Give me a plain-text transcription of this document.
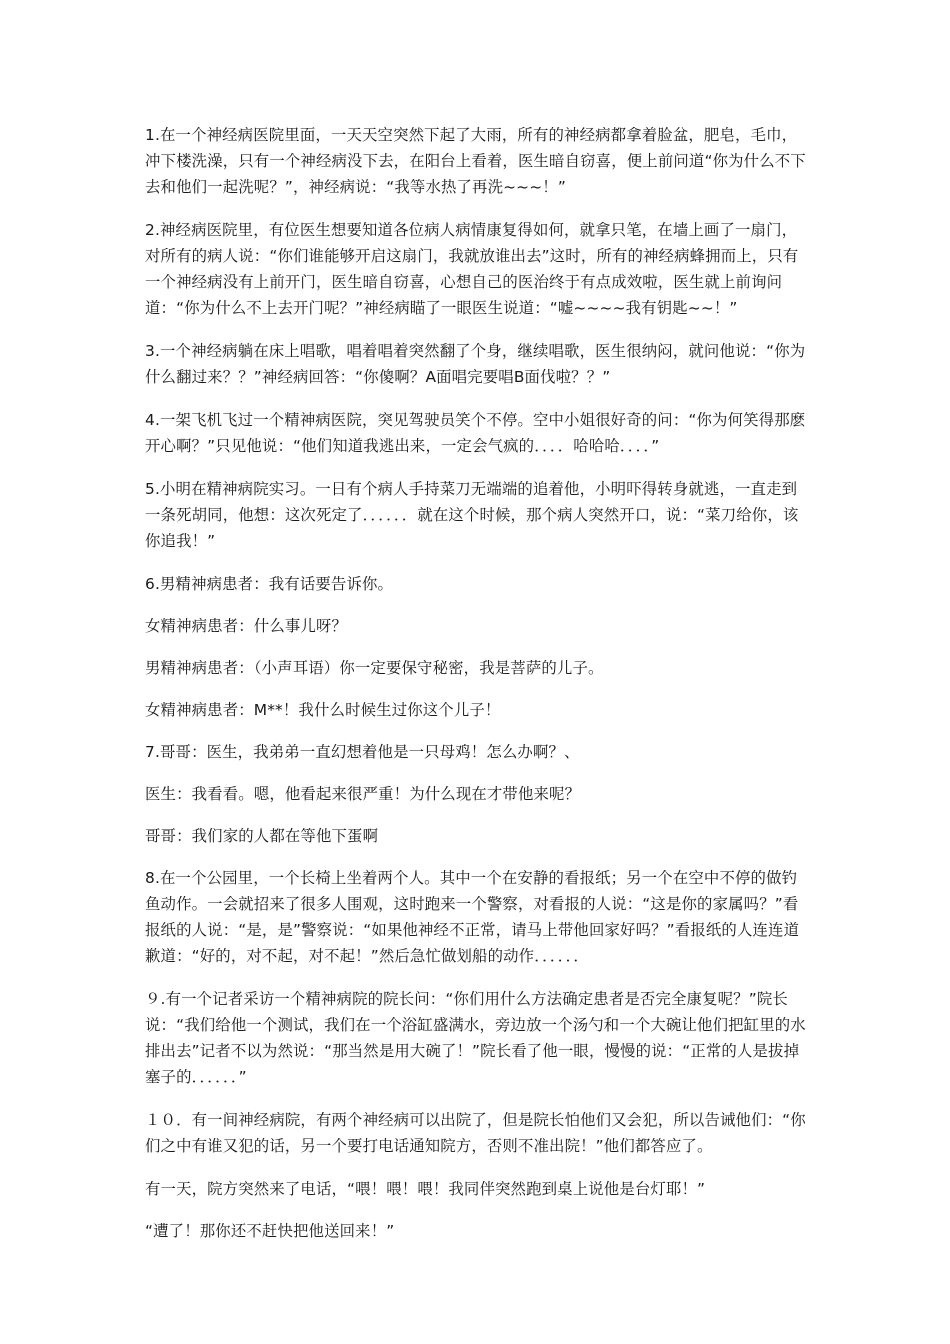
1.在一个神经病医院里面，一天天空突然下起了大雨，所有的神经病都拿着脸盆，肥皂，毛巾，冲下楼洗澡，只有一个神经病没下去，在阳台上看着，医生暗自窃喜，便上前问道“你为什么不下去和他们一起洗呢？”，神经病说：“我等水热了再洗~~~！”

2.神经病医院里，有位医生想要知道各位病人病情康复得如何，就拿只笔，在墙上画了一扇门，对所有的病人说：“你们谁能够开启这扇门，我就放谁出去”这时，所有的神经病蜂拥而上，只有一个神经病没有上前开门，医生暗自窃喜，心想自己的医治终于有点成效啦，医生就上前询问道：“你为什么不上去开门呢？”神经病瞄了一眼医生说道：“嘘~~~~我有钥匙~~！”

3.一个神经病躺在床上唱歌，唱着唱着突然翻了个身，继续唱歌，医生很纳闷，就问他说：“你为什么翻过来？？”神经病回答：“你傻啊？A面唱完要唱B面伐啦？？”

4.一架飞机飞过一个精神病医院，突见驾驶员笑个不停。空中小姐很好奇的问：“你为何笑得那麽开心啊？”只见他说：“他们知道我逃出来，一定会气疯的．．．．哈哈哈．．．．”

5.小明在精神病院实习。一日有个病人手持菜刀无端端的追着他，小明吓得转身就逃，一直走到一条死胡同，他想：这次死定了．．．．．．就在这个时候，那个病人突然开口，说：“菜刀给你，该你追我！”

6.男精神病患者：我有话要告诉你。

女精神病患者：什么事儿呀？

男精神病患者：（小声耳语）你一定要保守秘密，我是菩萨的儿子。

女精神病患者：M**！我什么时候生过你这个儿子！

7.哥哥：医生，我弟弟一直幻想着他是一只母鸡！怎么办啊？、

医生：我看看。嗯，他看起来很严重！为什么现在才带他来呢？

哥哥：我们家的人都在等他下蛋啊

8.在一个公园里，一个长椅上坐着两个人。其中一个在安静的看报纸；另一个在空中不停的做钓鱼动作。一会就招来了很多人围观，这时跑来一个警察，对看报的人说：“这是你的家属吗？”看报纸的人说：“是，是”警察说：“如果他神经不正常，请马上带他回家好吗？”看报纸的人连连道歉道：“好的，对不起，对不起！”然后急忙做划船的动作．．．．．．

９.有一个记者采访一个精神病院的院长问：“你们用什么方法确定患者是否完全康复呢？”院长说：“我们给他一个测试，我们在一个浴缸盛满水，旁边放一个汤勺和一个大碗让他们把缸里的水排出去”记者不以为然说：“那当然是用大碗了！”院长看了他一眼，慢慢的说：“正常的人是拔掉塞子的．．．．．．”

１０．有一间神经病院，有两个神经病可以出院了，但是院长怕他们又会犯，所以告诫他们：“你们之中有谁又犯的话，另一个要打电话通知院方，否则不准出院！”他们都答应了。

有一天，院方突然来了电话，“喂！喂！喂！我同伴突然跑到桌上说他是台灯耶！”

“遭了！那你还不赶快把他送回来！”
